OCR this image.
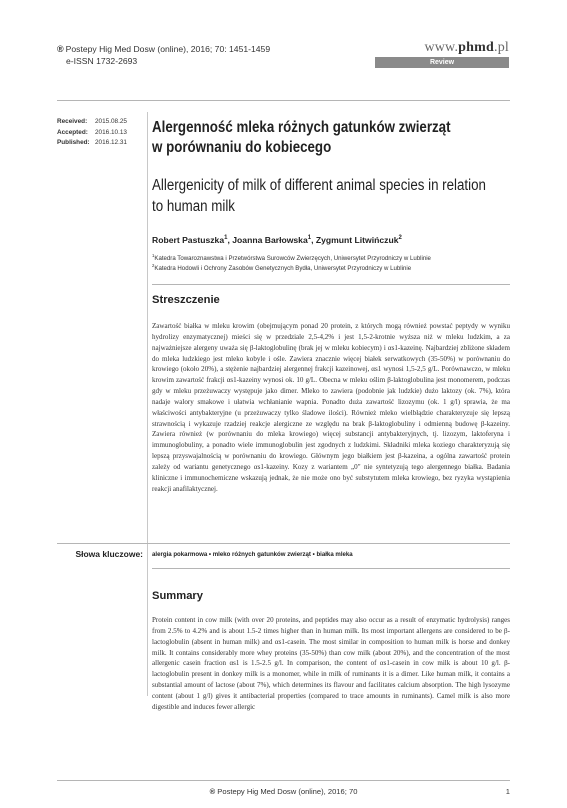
® Postepy Hig Med Dosw (online), 2016; 70: 1451-1459
e-ISSN 1732-2693
www.phmd.pl
Review
Received:	2015.08.25
Accepted:	2016.10.13
Published: 2016.12.31
Alergenność mleka różnych gatunków zwierząt
w porównaniu do kobiecego
Allergenicity of milk of different animal species in relation
to human milk
Robert Pastuszka$^1$, Joanna Barłowska$^1$, Zygmunt Litwińczuk$^2$
$^1$Katedra Towaroznawstwa i Przetwórstwa Surowców Zwierzęcych, Uniwersytet Przyrodniczy w Lublinie
$^2$Katedra Hodowli i Ochrony Zasobów Genetycznych Bydła, Uniwersytet Przyrodniczy w Lublinie
Streszczenie
Zawartość białka w mleku krowim (obejmującym ponad 20 protein, z których mogą również powstać peptydy w wyniku hydrolizy enzymatycznej) mieści się w przedziale 2,5-4,2% i jest 1,5-2-krotnie wyższa niż w mleku ludzkim, a za najważniejsze alergeny uważa się β-laktoglobulinę (brak jej w mleku kobiecym) i αs1-kazeinę. Najbardziej zbliżone składem do mleka ludzkiego jest mleko kobyle i ośle. Zawiera znacznie więcej białek serwatkowych (35-50%) w porównaniu do krowiego (około 20%), a stężenie najbardziej alergennej frakcji kazeinowej, αs1 wynosi 1,5-2,5 g/L. Porównawczo, w mleku krowim zawartość frakcji αs1-kazeiny wynosi ok. 10 g/L. Obecna w mleku oślim β-laktoglobulina jest monomerem, podczas gdy w mleku przeżuwaczy występuje jako dimer. Mleko to zawiera (podobnie jak ludzkie) dużo laktozy (ok. 7%), która nadaje walory smakowe i ułatwia wchłanianie wapnia. Ponadto duża zawartość lizozymu (ok. 1 g/l) sprawia, że ma właściwości antybakteryjne (u przeżuwaczy tylko śladowe ilości). Również mleko wielbłądzie charakteryzuje się lepszą strawnością i wykazuje rzadziej reakcje alergiczne ze względu na brak β-laktoglobuliny i odmienną budowę β-kazeiny. Zawiera również (w porównaniu do mleka krowiego) więcej substancji antybakteryjnych, tj. lizozym, laktoferyna i immunoglobuliny, a ponadto wiele immunoglobulin jest zgodnych z ludzkimi. Składniki mleka koziego charakteryzują się lepszą przyswajalnością w porównaniu do krowiego. Głównym jego białkiem jest β-kazeina, a ogólna zawartość protein zależy od wariantu genetycznego αs1-kazeiny. Kozy z wariantem „0" nie syntetyzują tego alergennego białka. Badania kliniczne i immunochemiczne wskazują jednak, że nie może ono być substytutem mleka krowiego, bez ryzyka wystąpienia reakcji anafilaktycznej.
Słowa kluczowe: alergia pokarmowa • mleko różnych gatunków zwierząt • białka mleka
Summary
Protein content in cow milk (with over 20 proteins, and peptides may also occur as a result of enzymatic hydrolysis) ranges from 2.5% to 4.2% and is about 1.5-2 times higher than in human milk. Its most important allergens are considered to be β-lactoglobulin (absent in human milk) and αs1-casein. The most similar in composition to human milk is horse and donkey milk. It contains considerably more whey proteins (35-50%) than cow milk (about 20%), and the concentration of the most allergenic casein fraction αs1 is 1.5-2.5 g/l. In comparison, the content of αs1-casein in cow milk is about 10 g/l. β-lactoglobulin present in donkey milk is a monomer, while in milk of ruminants it is a dimer. Like human milk, it contains a substantial amount of lactose (about 7%), which determines its flavour and facilitates calcium absorption. The high lysozyme content (about 1 g/l) gives it antibacterial properties (compared to trace amounts in ruminants). Camel milk is also more digestible and induces fewer allergic
® Postepy Hig Med Dosw (online), 2016; 70	1
